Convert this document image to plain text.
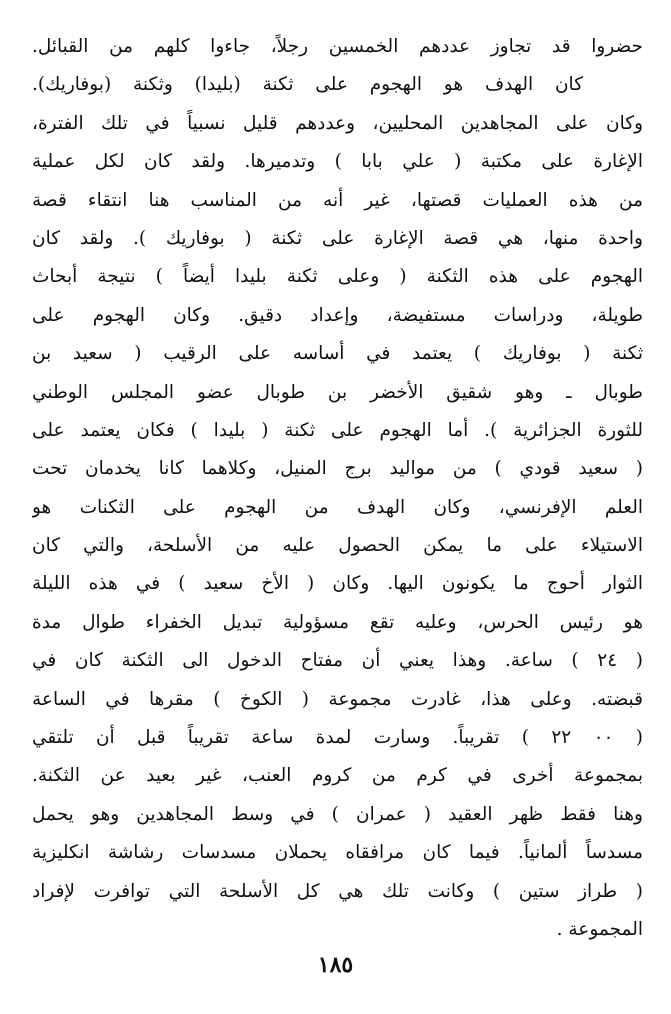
حضروا قد تجاوز عددهم الخمسين رجلاً، جاءوا كلهم من القبائل.
كان الهدف هو الهجوم على ثكنة (بليدا) وثكنة (بوفاريك).
وكان على المجاهدين المحليين، وعددهم قليل نسبياً في تلك الفترة،
الإغارة على مكتبة ( علي بابا ) وتدميرها. ولقد كان لكل عملية
من هذه العمليات قصتها، غير أنه من المناسب هنا انتقاء قصة
واحدة منها، هي قصة الإغارة على ثكنة ( بوفاريك ). ولقد كان
الهجوم على هذه الثكنة ( وعلى ثكنة بليدا أيضاً ) نتيجة أبحاث
طويلة، ودراسات مستفيضة، وإعداد دقيق. وكان الهجوم على
ثكنة ( بوفاريك ) يعتمد في أساسه على الرقيب ( سعيد بن
طوبال ـ وهو شقيق الأخضر بن طوبال عضو المجلس الوطني
للثورة الجزائرية ). أما الهجوم على ثكنة ( بليدا ) فكان يعتمد على
( سعيد قودي ) من مواليد برج المنيل، وكلاهما كانا يخدمان تحت
العلم الإفرنسي، وكان الهدف من الهجوم على الثكنات هو
الاستيلاء على ما يمكن الحصول عليه من الأسلحة، والتي كان
الثوار أحوج ما يكونون اليها. وكان ( الأخ سعيد ) في هذه الليلة
هو رئيس الحرس، وعليه تقع مسؤولية تبديل الخفراء طوال مدة
( ٢٤ ) ساعة. وهذا يعني أن مفتاح الدخول الى الثكنة كان في
قبضته. وعلى هذا، غادرت مجموعة ( الكوخ ) مقرها في الساعة
( ٠٠ ٢٢ ) تقريباً. وسارت لمدة ساعة تقريباً قبل أن تلتقي
بمجموعة أخرى في كرم من كروم العنب، غير بعيد عن الثكنة.
وهنا فقط ظهر العقيد ( عمران ) في وسط المجاهدين وهو يحمل
مسدساً ألمانياً. فيما كان مرافقاه يحملان مسدسات رشاشة انكليزية
( طراز ستين ) وكانت تلك هي كل الأسلحة التي توافرت لإفراد
المجموعة .
١٨٥
